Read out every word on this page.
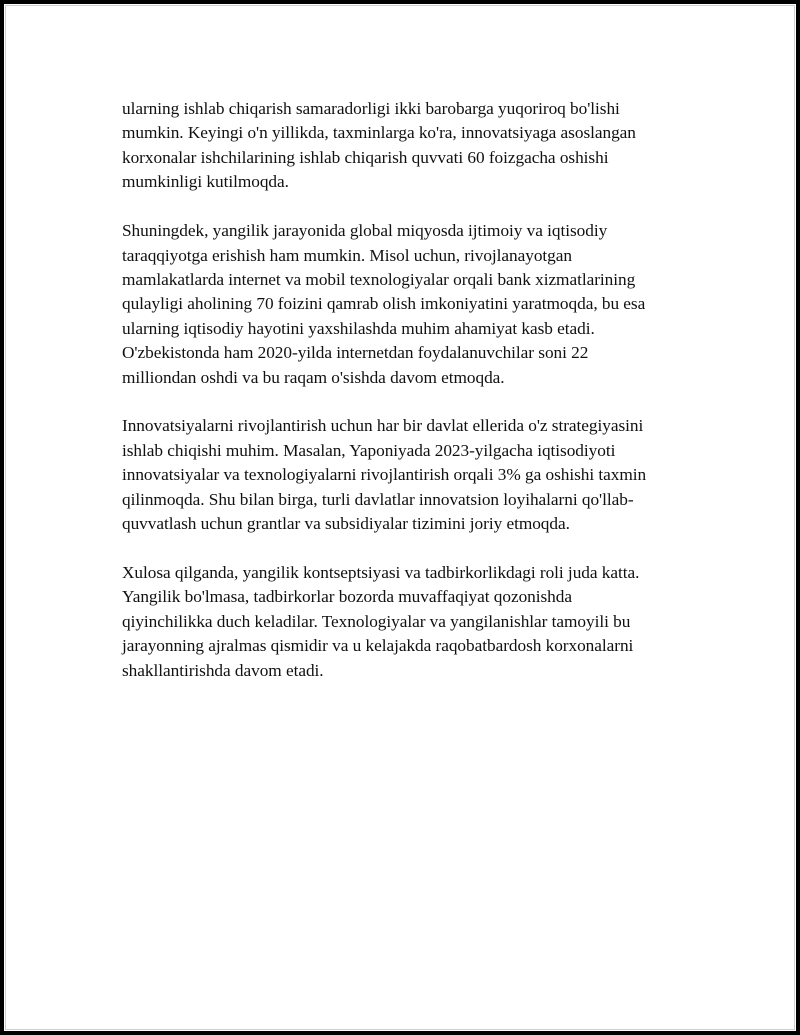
ularning ishlab chiqarish samaradorligi ikki barobarga yuqoriroq bo'lishi
mumkin. Keyingi o'n yillikda, taxminlarga ko'ra, innovatsiyaga asoslangan
korxonalar ishchilarining ishlab chiqarish quvvati 60 foizgacha oshishi
mumkinligi kutilmoqda.

Shuningdek, yangilik jarayonida global miqyosda ijtimoiy va iqtisodiy
taraqqiyotga erishish ham mumkin. Misol uchun, rivojlanayotgan
mamlakatlarda internet va mobil texnologiyalar orqali bank xizmatlarining
qulayligi aholining 70 foizini qamrab olish imkoniyatini yaratmoqda, bu esa
ularning iqtisodiy hayotini yaxshilashda muhim ahamiyat kasb etadi.
O'zbekistonda ham 2020-yilda internetdan foydalanuvchilar soni 22
milliondan oshdi va bu raqam o'sishda davom etmoqda.

Innovatsiyalarni rivojlantirish uchun har bir davlat ellerida o'z strategiyasini
ishlab chiqishi muhim. Masalan, Yaponiyada 2023-yilgacha iqtisodiyoti
innovatsiyalar va texnologiyalarni rivojlantirish orqali 3% ga oshishi taxmin
qilinmoqda. Shu bilan birga, turli davlatlar innovatsion loyihalarni qo'llab-
quvvatlash uchun grantlar va subsidiyalar tizimini joriy etmoqda.

Xulosa qilganda, yangilik kontseptsiyasi va tadbirkorlikdagi roli juda katta.
Yangilik bo'lmasa, tadbirkorlar bozorda muvaffaqiyat qozonishda
qiyinchilikka duch keladilar. Texnologiyalar va yangilanishlar tamoyili bu
jarayonning ajralmas qismidir va u kelajakda raqobatbardosh korxonalarni
shakllantirishda davom etadi.
